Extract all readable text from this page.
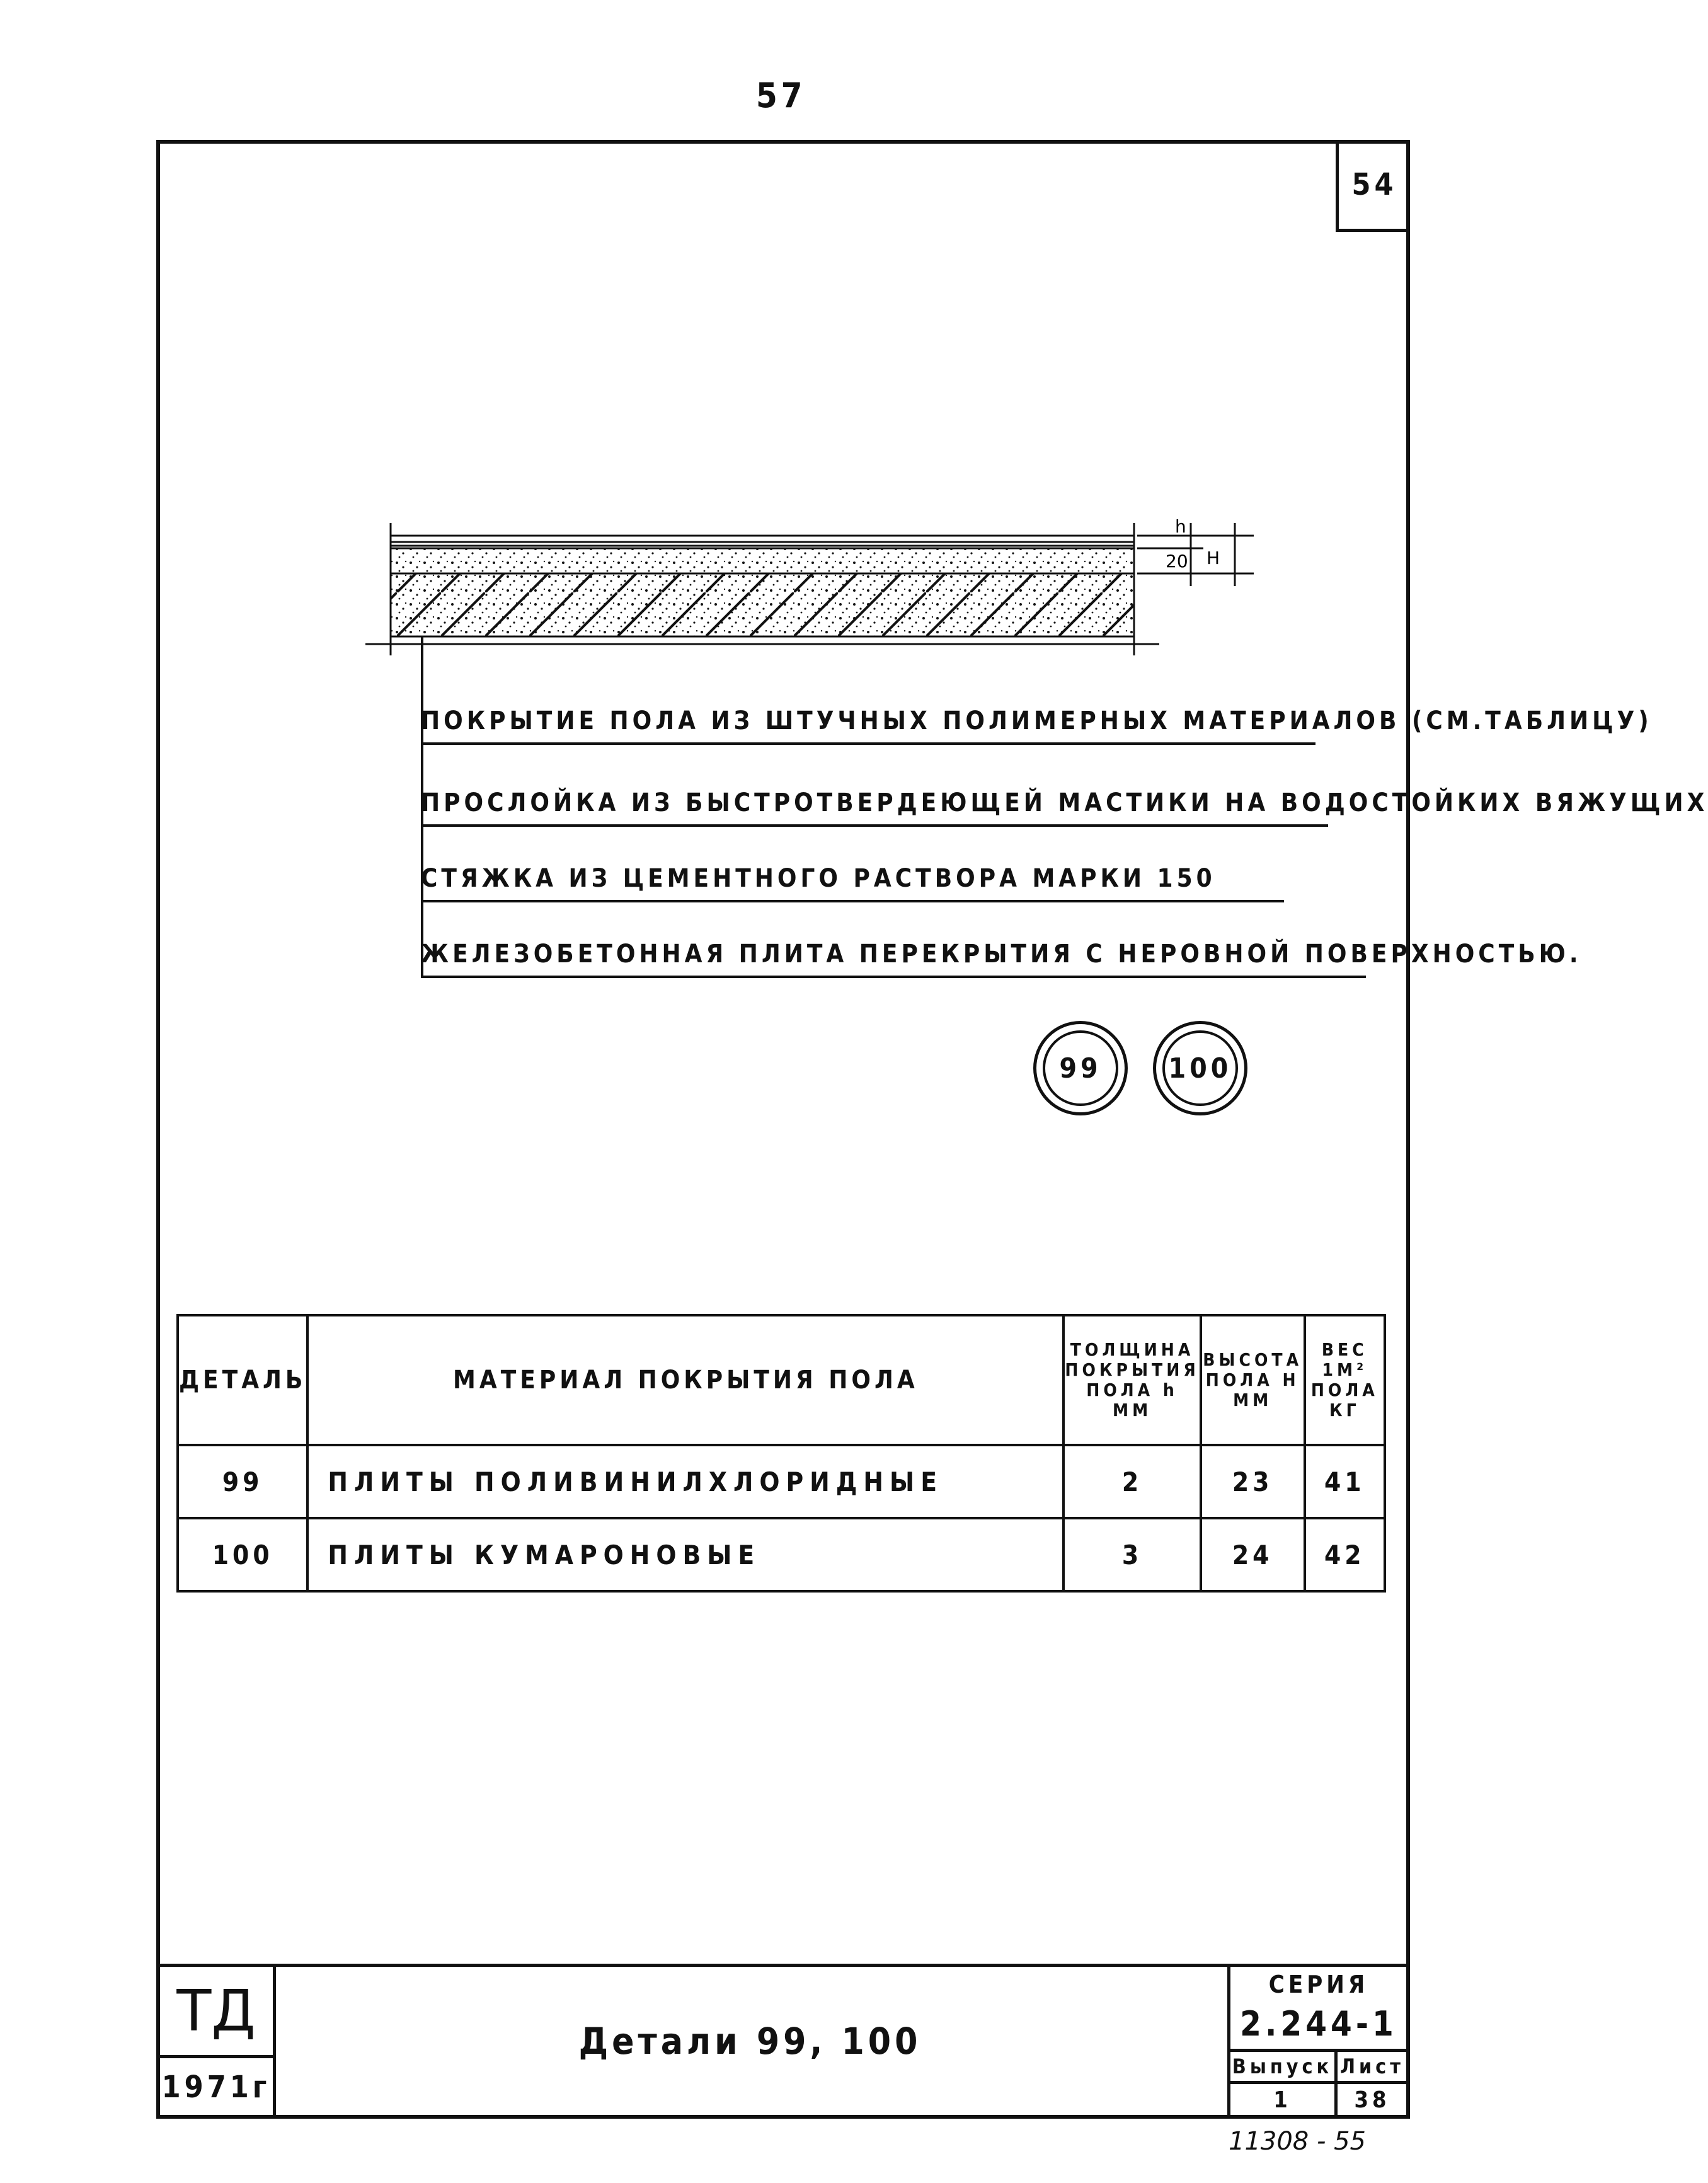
57
54
h
20 H
ПОКРЫТИЕ ПОЛА ИЗ ШТУЧНЫХ ПОЛИМЕРНЫХ МАТЕРИАЛОВ (СМ.ТАБЛИЦУ)
ПРОСЛОЙКА ИЗ БЫСТРОТВЕРДЕЮЩЕЙ МАСТИКИ НА ВОДОСТОЙКИХ ВЯЖУЩИХ
СТЯЖКА ИЗ ЦЕМЕНТНОГО РАСТВОРА МАРКИ 150
ЖЕЛЕЗОБЕТОННАЯ ПЛИТА ПЕРЕКРЫТИЯ С НЕРОВНОЙ ПОВЕРХНОСТЬЮ.
99	100
ДЕТАЛЬ	МАТЕРИАЛ ПОКРЫТИЯ ПОЛА	ТОЛЩИНА ПОКРЫТИЯ ПОЛА h ММ	ВЫСОТА ПОЛА H ММ	ВЕС 1М² ПОЛА КГ
99	ПЛИТЫ ПОЛИВИНИЛХЛОРИДНЫЕ	2	23	41
100	ПЛИТЫ КУМАРОНОВЫЕ	3	24	42
ТД
1971г
Детали 99, 100
СЕРИЯ
2.244-1
Выпуск Лист
1	38
11308 - 55
